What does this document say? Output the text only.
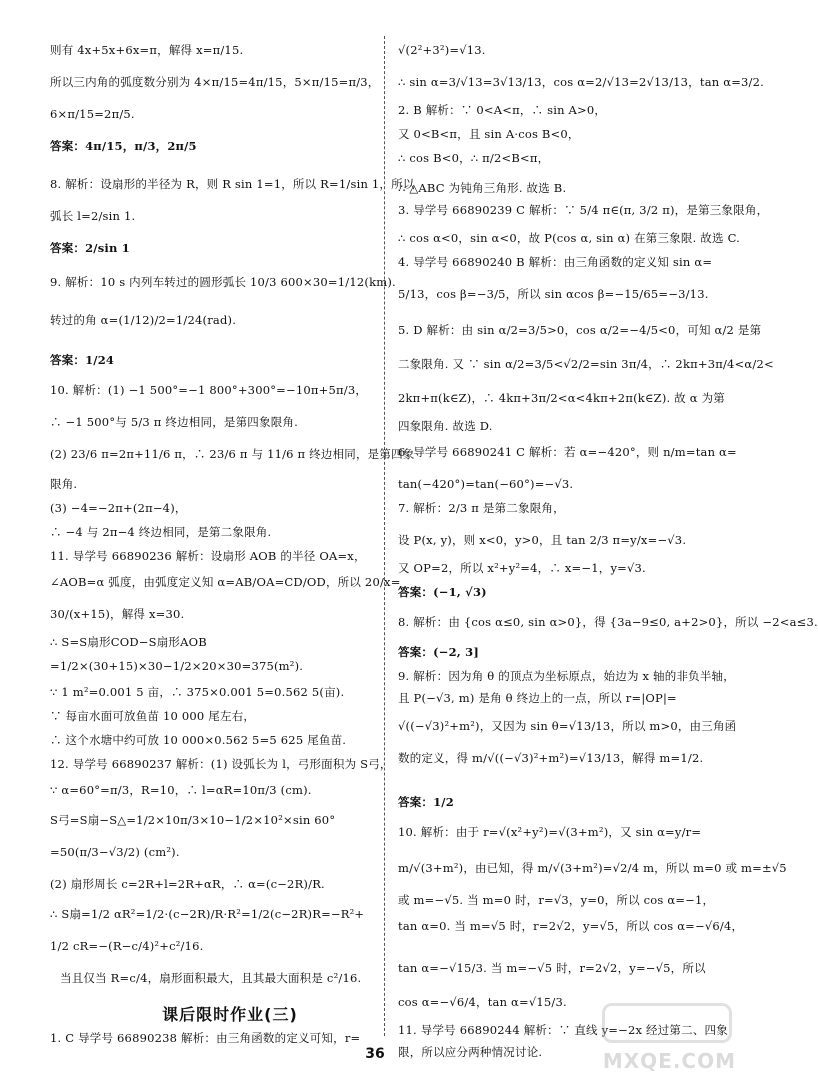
则有 4x+5x+6x=π，解得 x=π/15.
所以三内角的弧度数分别为 4×π/15=4π/15，5×π/15=π/3，
6×π/15=2π/5.
答案：4π/15，π/3，2π/5
8. 解析：设扇形的半径为 R，则 R sin 1=1，所以 R=1/sin 1，所以
弧长 l=2/sin 1.
答案：2/sin 1
9. 解析：10 s 内列车转过的圆形弧长 10/3 600×30=1/12(km).
转过的角 α=(1/12)/2=1/24(rad).
答案：1/24
10. 解析：(1) −1 500°=−1 800°+300°=−10π+5π/3，
∴ −1 500°与 5/3 π 终边相同，是第四象限角.
(2) 23/6 π=2π+11/6 π，∴ 23/6 π 与 11/6 π 终边相同，是第四象
限角.
(3) −4=−2π+(2π−4)，
∴ −4 与 2π−4 终边相同，是第二象限角.
11. 导学号 66890236 解析：设扇形 AOB 的半径 OA=x，
∠AOB=α 弧度，由弧度定义知 α=AB/OA=CD/OD，所以 20/x=
30/(x+15)，解得 x=30.
∴ S=S扇形COD−S扇形AOB
=1/2×(30+15)×30−1/2×20×30=375(m²).
∵ 1 m²=0.001 5 亩，∴ 375×0.001 5=0.562 5(亩).
∵ 每亩水面可放鱼苗 10 000 尾左右，
∴ 这个水塘中约可放 10 000×0.562 5=5 625 尾鱼苗.
12. 导学号 66890237 解析：(1) 设弧长为 l，弓形面积为 S弓，
∵ α=60°=π/3，R=10，∴ l=αR=10π/3 (cm).
S弓=S扇−S△=1/2×10π/3×10−1/2×10²×sin 60°
=50(π/3−√3/2) (cm²).
(2) 扇形周长 c=2R+l=2R+αR，∴ α=(c−2R)/R.
∴ S扇=1/2 αR²=1/2·(c−2R)/R·R²=1/2(c−2R)R=−R²+
1/2 cR=−(R−c/4)²+c²/16.
当且仅当 R=c/4，扇形面积最大，且其最大面积是 c²/16.
课后限时作业(三)
1. C 导学号 66890238 解析：由三角函数的定义可知，r=
√(2²+3²)=√13.
∴ sin α=3/√13=3√13/13，cos α=2/√13=2√13/13，tan α=3/2.
2. B 解析：∵ 0<A<π，∴ sin A>0，
又 0<B<π，且 sin A·cos B<0，
∴ cos B<0，∴ π/2<B<π，
∴ △ABC 为钝角三角形. 故选 B.
3. 导学号 66890239 C 解析：∵ 5/4 π∈(π, 3/2 π)，是第三象限角，
∴ cos α<0，sin α<0，故 P(cos α, sin α) 在第三象限. 故选 C.
4. 导学号 66890240 B 解析：由三角函数的定义知 sin α=
5/13，cos β=−3/5，所以 sin αcos β=−15/65=−3/13.
5. D 解析：由 sin α/2=3/5>0，cos α/2=−4/5<0，可知 α/2 是第
二象限角. 又 ∵ sin α/2=3/5<√2/2=sin 3π/4，∴ 2kπ+3π/4<α/2<
2kπ+π(k∈Z)，∴ 4kπ+3π/2<α<4kπ+2π(k∈Z). 故 α 为第
四象限角. 故选 D.
6. 导学号 66890241 C 解析：若 α=−420°，则 n/m=tan α=
tan(−420°)=tan(−60°)=−√3.
7. 解析：2/3 π 是第二象限角，
设 P(x, y)，则 x<0，y>0，且 tan 2/3 π=y/x=−√3.
又 OP=2，所以 x²+y²=4，∴ x=−1，y=√3.
答案：(−1, √3)
8. 解析：由 {cos α≤0, sin α>0}，得 {3a−9≤0, a+2>0}，所以 −2<a≤3.
答案：(−2, 3]
9. 解析：因为角 θ 的顶点为坐标原点，始边为 x 轴的非负半轴，
且 P(−√3, m) 是角 θ 终边上的一点，所以 r=|OP|=
√((−√3)²+m²)，又因为 sin θ=√13/13，所以 m>0，由三角函
数的定义，得 m/√((−√3)²+m²)=√13/13，解得 m=1/2.
答案：1/2
10. 解析：由于 r=√(x²+y²)=√(3+m²)，又 sin α=y/r=
m/√(3+m²)，由已知，得 m/√(3+m²)=√2/4 m，所以 m=0 或 m=±√5
或 m=−√5. 当 m=0 时，r=√3，y=0，所以 cos α=−1，
tan α=0. 当 m=√5 时，r=2√2，y=√5，所以 cos α=−√6/4，
tan α=−√15/3. 当 m=−√5 时，r=2√2，y=−√5，所以
cos α=−√6/4，tan α=√15/3.
11. 导学号 66890244 解析：∵ 直线 y=−2x 经过第二、四象
限，所以应分两种情况讨论.
36	MXQE.COM
